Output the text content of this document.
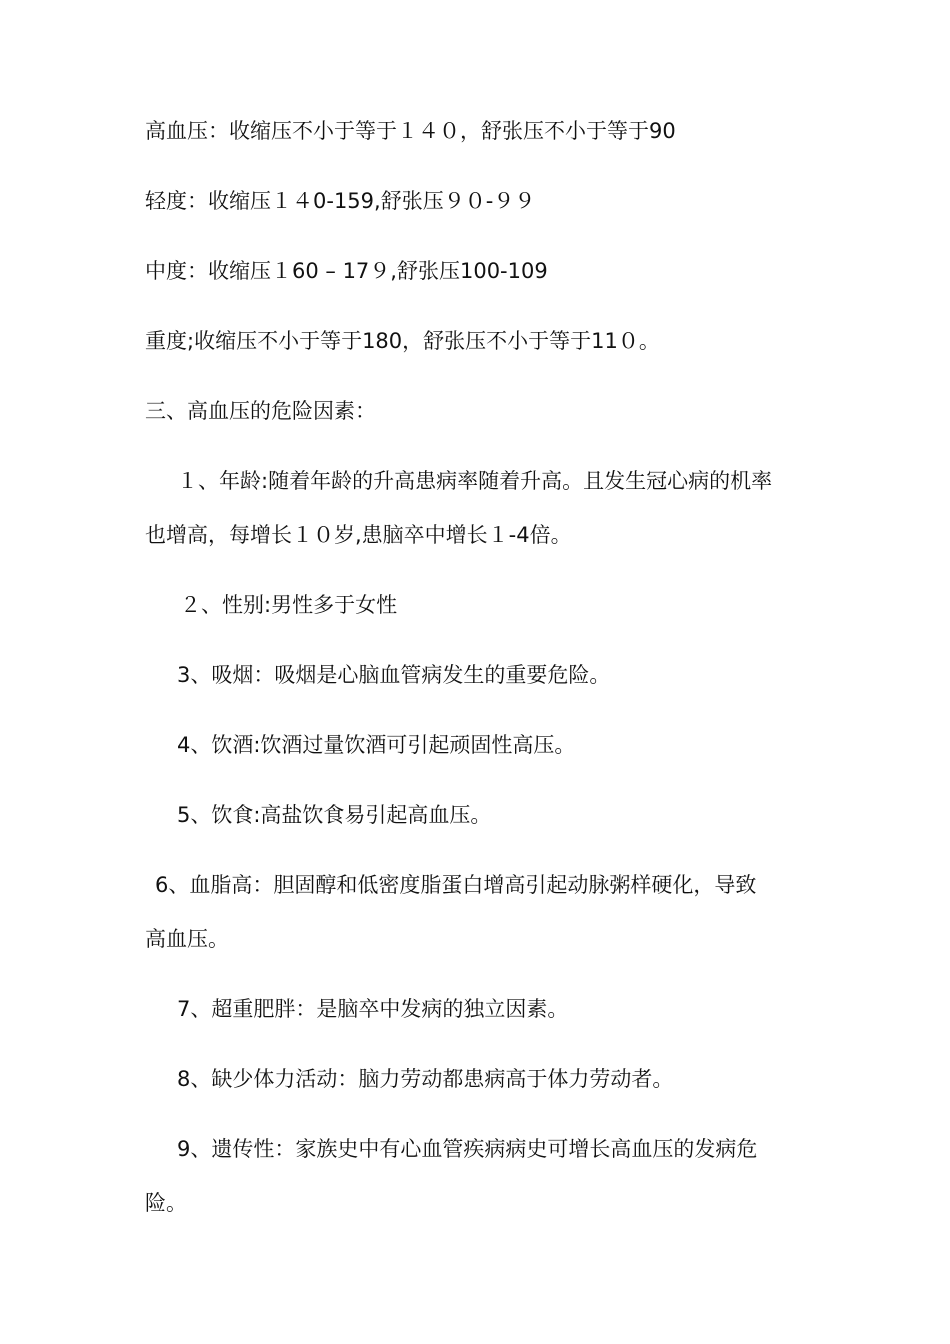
高血压：收缩压不小于等于１４０，舒张压不小于等于90
轻度：收缩压１４0-159,舒张压９０-９９
中度：收缩压１60 – 17９,舒张压100-109
重度;收缩压不小于等于180，舒张压不小于等于11０。
三、高血压的危险因素：
１、年龄:随着年龄的升高患病率随着升高。且发生冠心病的机率
也增高，每增长１０岁,患脑卒中增长１-4倍。
２、性别:男性多于女性
3、吸烟：吸烟是心脑血管病发生的重要危险。
4、饮酒:饮酒过量饮酒可引起顽固性高压。
5、饮食:高盐饮食易引起高血压。
6、血脂高：胆固醇和低密度脂蛋白增高引起动脉粥样硬化，导致
高血压。
7、超重肥胖：是脑卒中发病的独立因素。
8、缺少体力活动：脑力劳动都患病高于体力劳动者。
9、遗传性：家族史中有心血管疾病病史可增长高血压的发病危
险。
